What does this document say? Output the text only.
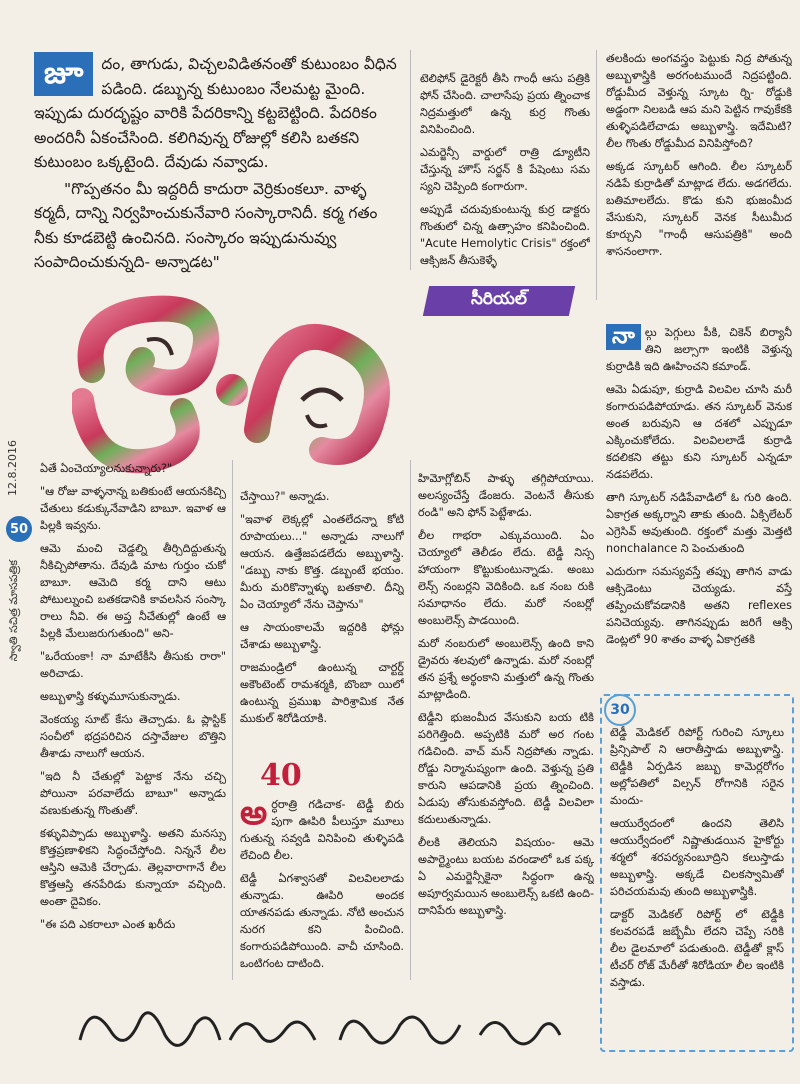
జూ	దం, తాగుడు, విచ్చలవిడితనంతో కుటుంబం వీధిన పడింది. డబ్బున్న కుటుంబం నేలమట్ట మైంది. ఇప్పుడు దురదృష్టం వారికి పేదరికాన్ని కట్టబెట్టింది. పేదరికం అందరినీ ఏకంచేసింది. కలిగివున్న రోజుల్లో కలిసి బతకని కుటుంబం ఒక్కటైంది. దేవుడు నవ్వాడు.

"గొప్పతనం మీ ఇద్దరిదీ కాదురా వెర్రికుంకలూ. వాళ్ళ కర్మదీ, దాన్ని నిర్వహించుకునేవారి సంస్కారానిదీ. కర్మ గతం నీకు కూడబెట్టి ఉంచినది. సంస్కారం ఇప్పుడునువ్వు సంపాదించుకున్నది- అన్నాడట"

టెలిఫోన్ డైరెక్టరీ తీసి గాంధీ ఆసు పత్రికి ఫోన్ చేసింది. చాలాసేపు ప్రయ త్నించాక నిద్రమత్తులో ఉన్న కుర్ర గొంతు వినిపించింది.

ఎమర్జెన్సీ వార్డులో రాత్రి డ్యూటీని చేస్తున్న హౌస్ సర్జన్ కి పేషెంటు సమ స్యని చెప్పింది కంగారుగా.

అప్పుడే చదువుకుంటున్న కుర్ర డాక్టరు గొంతులో చిన్న ఉత్సాహం కనిపించింది. "Acute Hemolytic Crisis" రక్తంలో ఆక్సిజన్ తీసుకెళ్ళే

తలకిందు అంగవస్త్రం పెట్టుకు నిద్ర పోతున్న అబ్బుళాస్త్రికి అరగంటముందే నిద్రపట్టింది. రోడ్డుమీద వెళ్తున్న స్కూట ర్ని- రోడ్డుకి అడ్డంగా నిలబడి ఆప మని పెట్టిన గావుకేకకి తుళ్ళిపడిలేచాడు అబ్బుళాస్త్రి. ఇదేమిటి? లీల గొంతు రోడ్డుమీద వినిపిస్తోంది?

అక్కడ స్కూటర్ ఆగింది. లీల స్కూటర్ నడిపే కుర్రాడితో మాట్లాడ లేదు. అడగలేదు. బతిమాలలేదు. కొడు కుని భుజంమీద వేసుకుని, స్కూటర్ వెనక సీటుమీద కూర్చుని "గాంధీ ఆసుపత్రికి" అంది శాసనంలాగా.

సీరియల్

నా ల్గు పెగ్గులు పీకి, చికెన్ బిర్యానీ తిని జల్సాగా ఇంటికి వెళ్తున్న కుర్రాడికి ఇది ఊహించని కమాండ్.

ఆమె ఏడుపూ, కుర్రాడి విలవిల చూసి మరీ కంగారుపడిపోయాడు. తన స్కూటర్ వెనుక అంత బరువుని ఆ దశలో ఎప్పుడూ ఎక్కించుకోలేదు. విలవిలలాడే కుర్రాడి కదలికని తట్టు కుని స్కూటర్ ఎన్నడూ నడపలేదు.

తాగి స్కూటర్ నడిపేవాడిలో ఓ గురి ఉంది. ఏకాగ్రత అక్కర్నాని తాకు తుంది. ఏక్సిలేటర్ ఎగ్రెసివ్ అవుతుంది. రక్తంలో మత్తు మెత్తటి nonchalance ని పెంచుతుంది

ఎదురుగా సమస్యవస్తే తప్పు తాగిన వాడు ఆక్సిడెంటు చెయ్యడు. వస్తే తప్పించుకోవడానికి అతని reflexes పనిచెయ్యవు. తాగినప్పుడు జరిగే ఆక్సి డెంట్లలో 90 శాతం వాళ్ళ ఏకాగ్రతకి

12.8.2016
50
స్వాతి సచిత్ర మాసపత్రిక

ఏతే ఏంచెయ్యాలనుకున్నారు?"

"ఆ రోజు వాళ్ళనాన్న బతికుంటే ఆయనకిచ్చి చేతులు కడుక్కునేవాడిని బాబూ. ఇవాళ ఆ పిల్లకి ఇవ్వను.

ఆమె మంచి చెడ్డల్ని తీర్చిదిద్దుతున్న నీకిచ్చిపోతాను. దేవుడి మాట గుర్తుం చుకో బాబూ. ఆమెది కర్మ దాని ఆటు పోటుల్నుంచి బతకడానికి కావలసిన సంస్కా రాలు నీవి. ఈ అప్త నీచేతుల్లో ఉంటే ఆ పిల్లకి మేలుజరుగుతుంది" అని-

"ఒరేయంకా! నా మాటేకీసి తీసుకు రారా" అరిచాడు.

అబ్బుళాస్త్రి కళ్ళుమూసుకున్నాడు.

వెంకయ్య సూట్ కేసు తెచ్చాడు. ఓ ప్లాస్టిక్ సంచీలో భద్రపరిచిన దస్తావేజుల బొత్తిని తీశాడు నాలుగో ఆయన.

"ఇది నీ చేతుల్లో పెట్టాక నేను చచ్చి పోయినా పరవాలేదు బాబూ" అన్నాడు వణుకుతున్న గొంతుతో.

కళ్ళువిప్పాడు అబ్బుళాస్త్రి. అతని మనస్సు కొత్తప్రణాళికని సిద్ధంచేస్తోంది. నిన్ననే లీల ఆస్తిని ఆమెకి చేర్చాడు. తెల్లవారాగానే లీల కొత్తఆస్తి తనపేరిడు కున్నాయా వచ్చింది. అంతా దైవికం.

"ఈ పది ఎకరాలూ ఎంత ఖరీదు

చేస్తాయి?" అన్నాడు.

"ఇవాళ లెక్కల్లో ఎంతలేదన్నా కోటి రూపాయలు..." అన్నాడు నాలుగో ఆయన. ఉత్తేజపడలేదు అబ్బుళాస్త్రి. "డబ్బు నాకు కొత్త. డబ్బంటే భయం. మీరు మరికొన్నాళ్ళు బతకాలి. దీన్ని ఏం చెయ్యాలో నేను చెప్తాను"

ఆ సాయంకాలమే ఇద్దరికి ఫోన్లు చేశాడు అబ్బుళాస్త్రి.

రాజమండ్రిలో ఉంటున్న చార్టర్డ్ అకౌంటెంట్ రామశర్మకి, బొంబా యిలో ఉంటున్న ప్రముఖ పారిశ్రామిక నేత ముకుల్ శిరోడియాకి.

40

అర్ధరాత్రి గడిచాక- టెడ్డీ బిరు పుగా ఊపిరి పీలుస్తూ మూలు గుతున్న సవ్వడి వినిపించి తుళ్ళిపడి లేచింది లీల.

టెడ్డీ ఏగశ్వాసతో విలవిలలాడు తున్నాడు. ఊపిరి అందక యాతనపడు తున్నాడు. నోటి అంచున నురగ కని పించింది. కంగారుపడిపోయింది. వాచీ చూసింది. ఒంటిగంట దాటింది.

హిమోగ్లోబిన్ పాళ్ళు తగ్గిపోయాయి. అలస్యంచేస్తే డేంజరు. వెంటనే తీసుకు రండి" అని ఫోన్ పెట్టేశాడు.

లీల గాభరా ఎక్కువయింది. ఏం చెయ్యాలో తెలీడం లేదు. టెడ్డీ నిస్స హాయంగా కొట్టుకుంటున్నాడు. అంబు లెన్స్ నంబర్లని వెదికింది. ఒక నంబ రుకి సమాధానం లేదు. మరో నంబర్లో అంబులెన్స్ పాడయింది.

మరో నంబరులో అంబులెన్స్ ఉంది కాని డ్రైవరు శలవులో ఉన్నాడు. మరో నంబర్లో తన ప్రశ్నే అర్థంకాని మత్తులో ఉన్న గొంతు మాట్లాడింది.

టెడ్డీని భుజంమీద వేసుకుని బయ టికి పరిగెత్తింది. అప్పటికి మరో అర గంట గడిచింది. వాచ్ మన్ నిద్రపోతు న్నాడు. రోడ్డు నిర్మానుష్యంగా ఉంది. వెళ్తున్న ప్రతి కారుని ఆపడానికి ప్రయ త్నించింది. ఏడుపు తోసుకువస్తోంది. టెడ్డీ విలవిలా కదులుతున్నాడు.

లీలకి తెలియని విషయం- ఆమె అపార్ట్మెంటు బయట వరండాలో ఒక పక్క ఏ ఎమర్జెన్సీకైనా సిద్ధంగా ఉన్న అపూర్వమయిన అంబులెన్స్ ఒకటి ఉంది- దానిపేరు అబ్బుళాస్త్రి.

30

టెడ్డీ మెడికల్ రిపోర్ట్ గురించి స్కూలు ప్రిన్సిపాల్ ని ఆరాతీస్తాడు అబ్బుళాస్త్రి. టెడ్డీకి ఏర్పడిన జబ్బు కామెర్లరోగం అల్లోపతిలో విల్సన్ రోగానికి సరైన మందు-

ఆయుర్వేదంలో ఉందని తెలిసి ఆయుర్వేదంలో నిష్ణాతుడయిన హైకోర్టు శర్మలో శరపర్యనంబూద్రిని కలుస్తాడు అబ్బుళాస్త్రి. అక్కడే చిలకస్వామితో పరిచయమవు తుంది అబ్బుళాస్త్రికి.

డాక్టర్ మెడికల్ రిపోర్ట్ లో టెడ్డీకి కలవరపడే జబ్బేమీ లేదని చెప్పే సరికి లీల డైలమాలో పడుతుంది. టెడ్డీతో క్లాస్ టీచర్ రోజ్ మేరీతో శిరోడియా లీల ఇంటికి వస్తాడు.
